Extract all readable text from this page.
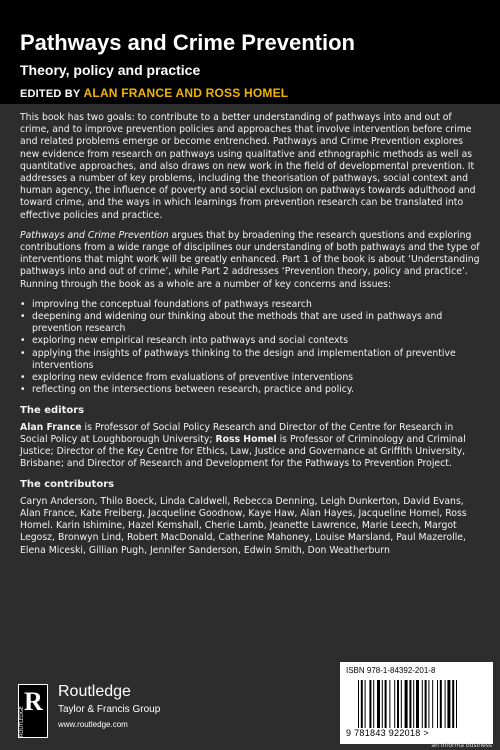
Pathways and Crime Prevention
Theory, policy and practice
EDITED BY ALAN FRANCE AND ROSS HOMEL

This book has two goals: to contribute to a better understanding of pathways into and out of crime, and to improve prevention policies and approaches that involve intervention before crime and related problems emerge or become entrenched. Pathways and Crime Prevention explores new evidence from research on pathways using qualitative and ethnographic methods as well as quantitative approaches, and also draws on new work in the field of developmental prevention. It addresses a number of key problems, including the theorisation of pathways, social context and human agency, the influence of poverty and social exclusion on pathways towards adulthood and toward crime, and the ways in which learnings from prevention research can be translated into effective policies and practice.

Pathways and Crime Prevention argues that by broadening the research questions and exploring contributions from a wide range of disciplines our understanding of both pathways and the type of interventions that might work will be greatly enhanced. Part 1 of the book is about ‘Understanding pathways into and out of crime’, while Part 2 addresses ‘Prevention theory, policy and practice’. Running through the book as a whole are a number of key concerns and issues:

• improving the conceptual foundations of pathways research
• deepening and widening our thinking about the methods that are used in pathways and prevention research
• exploring new empirical research into pathways and social contexts
• applying the insights of pathways thinking to the design and implementation of preventive interventions
• exploring new evidence from evaluations of preventive interventions
• reflecting on the intersections between research, practice and policy.
The editors

Alan France is Professor of Social Policy Research and Director of the Centre for Research in Social Policy at Loughborough University; Ross Homel is Professor of Criminology and Criminal Justice; Director of the Key Centre for Ethics, Law, Justice and Governance at Griffith University, Brisbane; and Director of Research and Development for the Pathways to Prevention Project.

The contributors

Caryn Anderson, Thilo Boeck, Linda Caldwell, Rebecca Denning, Leigh Dunkerton, David Evans, Alan France, Kate Freiberg, Jacqueline Goodnow, Kaye Haw, Alan Hayes, Jacqueline Homel, Ross Homel. Karin Ishimine, Hazel Kemshall, Cherie Lamb, Jeanette Lawrence, Marie Leech, Margot Legosz, Bronwyn Lind, Robert MacDonald, Catherine Mahoney, Louise Marsland, Paul Mazerolle, Elena Miceski, Gillian Pugh, Jennifer Sanderson, Edwin Smith, Don Weatherburn

R
ROUTLEDGE
Routledge
Taylor & Francis Group
www.routledge.com
ISBN 978-1-84392-201-8
9 781843 922018 >
an informa business
